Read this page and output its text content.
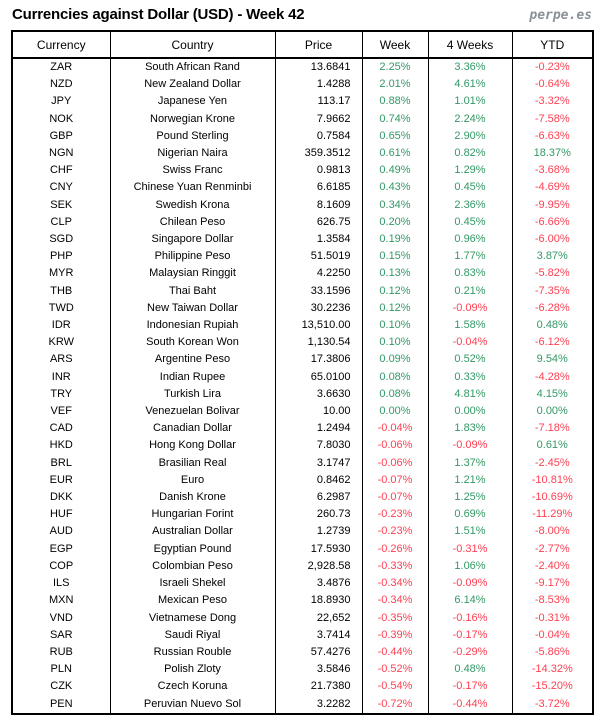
Currencies against Dollar (USD) - Week 42	perpe.es
Currency	Country	Price	Week	4 Weeks	YTD
ZAR	South African Rand	13.6841	2.25%	3.36%	-0.23%
NZD	New Zealand Dollar	1.4288	2.01%	4.61%	-0.64%
JPY	Japanese Yen	113.17	0.88%	1.01%	-3.32%
NOK	Norwegian Krone	7.9662	0.74%	2.24%	-7.58%
GBP	Pound Sterling	0.7584	0.65%	2.90%	-6.63%
NGN	Nigerian Naira	359.3512	0.61%	0.82%	18.37%
CHF	Swiss Franc	0.9813	0.49%	1.29%	-3.68%
CNY	Chinese Yuan Renminbi	6.6185	0.43%	0.45%	-4.69%
SEK	Swedish Krona	8.1609	0.34%	2.36%	-9.95%
CLP	Chilean Peso	626.75	0.20%	0.45%	-6.66%
SGD	Singapore Dollar	1.3584	0.19%	0.96%	-6.00%
PHP	Philippine Peso	51.5019	0.15%	1.77%	3.87%
MYR	Malaysian Ringgit	4.2250	0.13%	0.83%	-5.82%
THB	Thai Baht	33.1596	0.12%	0.21%	-7.35%
TWD	New Taiwan Dollar	30.2236	0.12%	-0.09%	-6.28%
IDR	Indonesian Rupiah	13,510.00	0.10%	1.58%	0.48%
KRW	South Korean Won	1,130.54	0.10%	-0.04%	-6.12%
ARS	Argentine Peso	17.3806	0.09%	0.52%	9.54%
INR	Indian Rupee	65.0100	0.08%	0.33%	-4.28%
TRY	Turkish Lira	3.6630	0.08%	4.81%	4.15%
VEF	Venezuelan Bolivar	10.00	0.00%	0.00%	0.00%
CAD	Canadian Dollar	1.2494	-0.04%	1.83%	-7.18%
HKD	Hong Kong Dollar	7.8030	-0.06%	-0.09%	0.61%
BRL	Brasilian Real	3.1747	-0.06%	1.37%	-2.45%
EUR	Euro	0.8462	-0.07%	1.21%	-10.81%
DKK	Danish Krone	6.2987	-0.07%	1.25%	-10.69%
HUF	Hungarian Forint	260.73	-0.23%	0.69%	-11.29%
AUD	Australian Dollar	1.2739	-0.23%	1.51%	-8.00%
EGP	Egyptian Pound	17.5930	-0.26%	-0.31%	-2.77%
COP	Colombian Peso	2,928.58	-0.33%	1.06%	-2.40%
ILS	Israeli Shekel	3.4876	-0.34%	-0.09%	-9.17%
MXN	Mexican Peso	18.8930	-0.34%	6.14%	-8.53%
VND	Vietnamese Dong	22,652	-0.35%	-0.16%	-0.31%
SAR	Saudi Riyal	3.7414	-0.39%	-0.17%	-0.04%
RUB	Russian Rouble	57.4276	-0.44%	-0.29%	-5.86%
PLN	Polish Zloty	3.5846	-0.52%	0.48%	-14.32%
CZK	Czech Koruna	21.7380	-0.54%	-0.17%	-15.20%
PEN	Peruvian Nuevo Sol	3.2282	-0.72%	-0.44%	-3.72%
